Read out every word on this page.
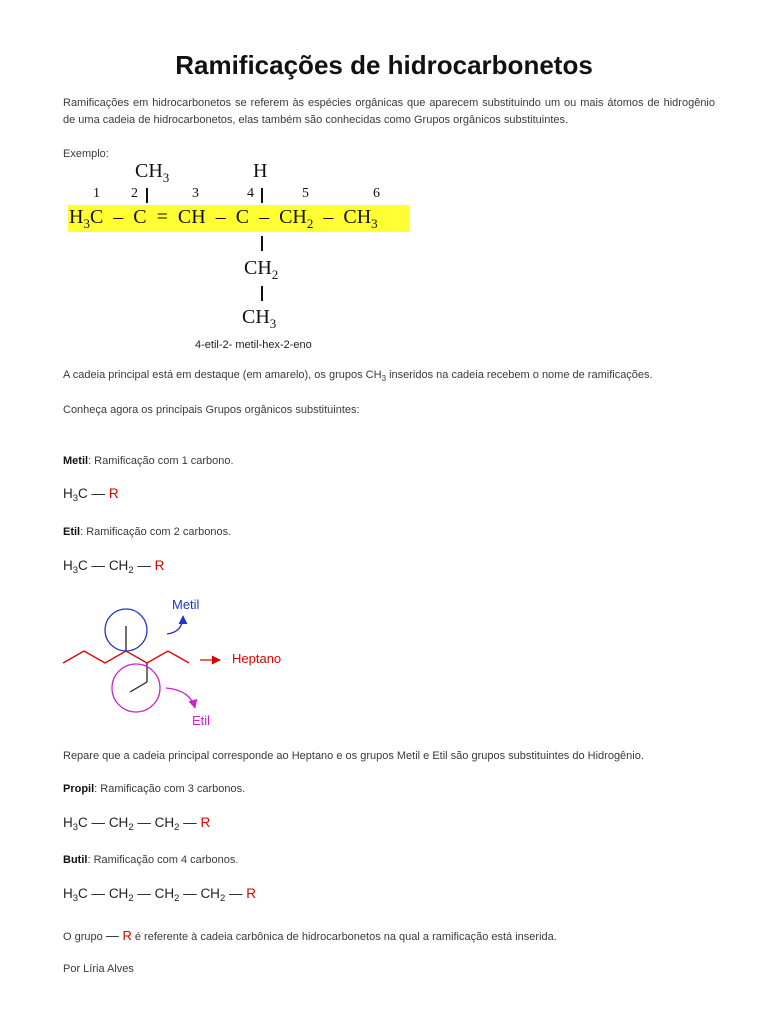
Ramificações de hidrocarbonetos

Ramificações em hidrocarbonetos se referem às espécies orgânicas que aparecem substituindo um ou mais átomos de hidrogênio de uma cadeia de hidrocarbonetos, elas também são conhecidas como Grupos orgânicos substituintes.

Exemplo:

$CH_3$	H
1 2	3	4	5	6
$H_3C$ – C = CH – C – $CH_2 - CH_3$
$CH_2$
$CH_3$
4-etil-2- metil-hex-2-eno

A cadeia principal está em destaque (em amarelo), os grupos $CH_3$ inseridos na cadeia recebem o nome de ramificações.

Conheça agora os principais Grupos orgânicos substituintes:

Metil: Ramificação com 1 carbono.

$H_3C$ — R

Etil: Ramificação com 2 carbonos.

$H_3C$ — $CH_2$ — R
Metil
Heptano
Etil

Repare que a cadeia principal corresponde ao Heptano e os grupos Metil e Etil são grupos substituintes do Hidrogênio.

Propil: Ramificação com 3 carbonos.

$H_3C$ — $CH_2$ — $CH_2$ — R

Butil: Ramificação com 4 carbonos.

$H_3C$ — $CH_2$ — $CH_2$ — $CH_2$ — R

O grupo — R é referente à cadeia carbônica de hidrocarbonetos na qual a ramificação está inserida.

Por Líria Alves
